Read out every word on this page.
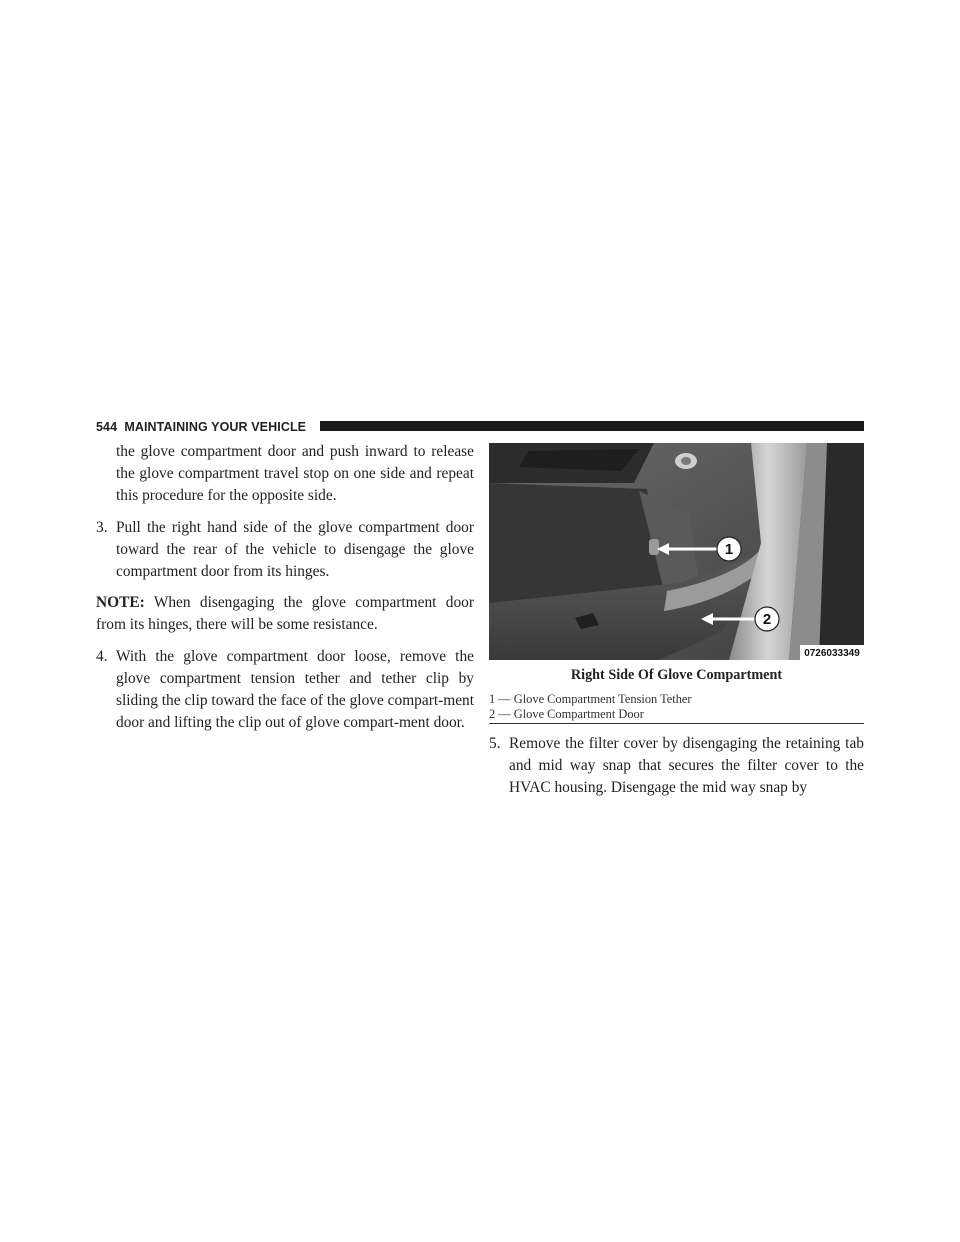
544 MAINTAINING YOUR VEHICLE

the glove compartment door and push inward to release the glove compartment travel stop on one side and repeat this procedure for the opposite side.

3. Pull the right hand side of the glove compartment door toward the rear of the vehicle to disengage the glove compartment door from its hinges.

NOTE: When disengaging the glove compartment door from its hinges, there will be some resistance.

4. With the glove compartment door loose, remove the glove compartment tension tether and tether clip by sliding the clip toward the face of the glove compart-ment door and lifting the clip out of glove compart-ment door.

1
2
0726033349
Right Side Of Glove Compartment
1 — Glove Compartment Tension Tether
2 — Glove Compartment Door

5. Remove the filter cover by disengaging the retaining tab and mid way snap that secures the filter cover to the HVAC housing. Disengage the mid way snap by
